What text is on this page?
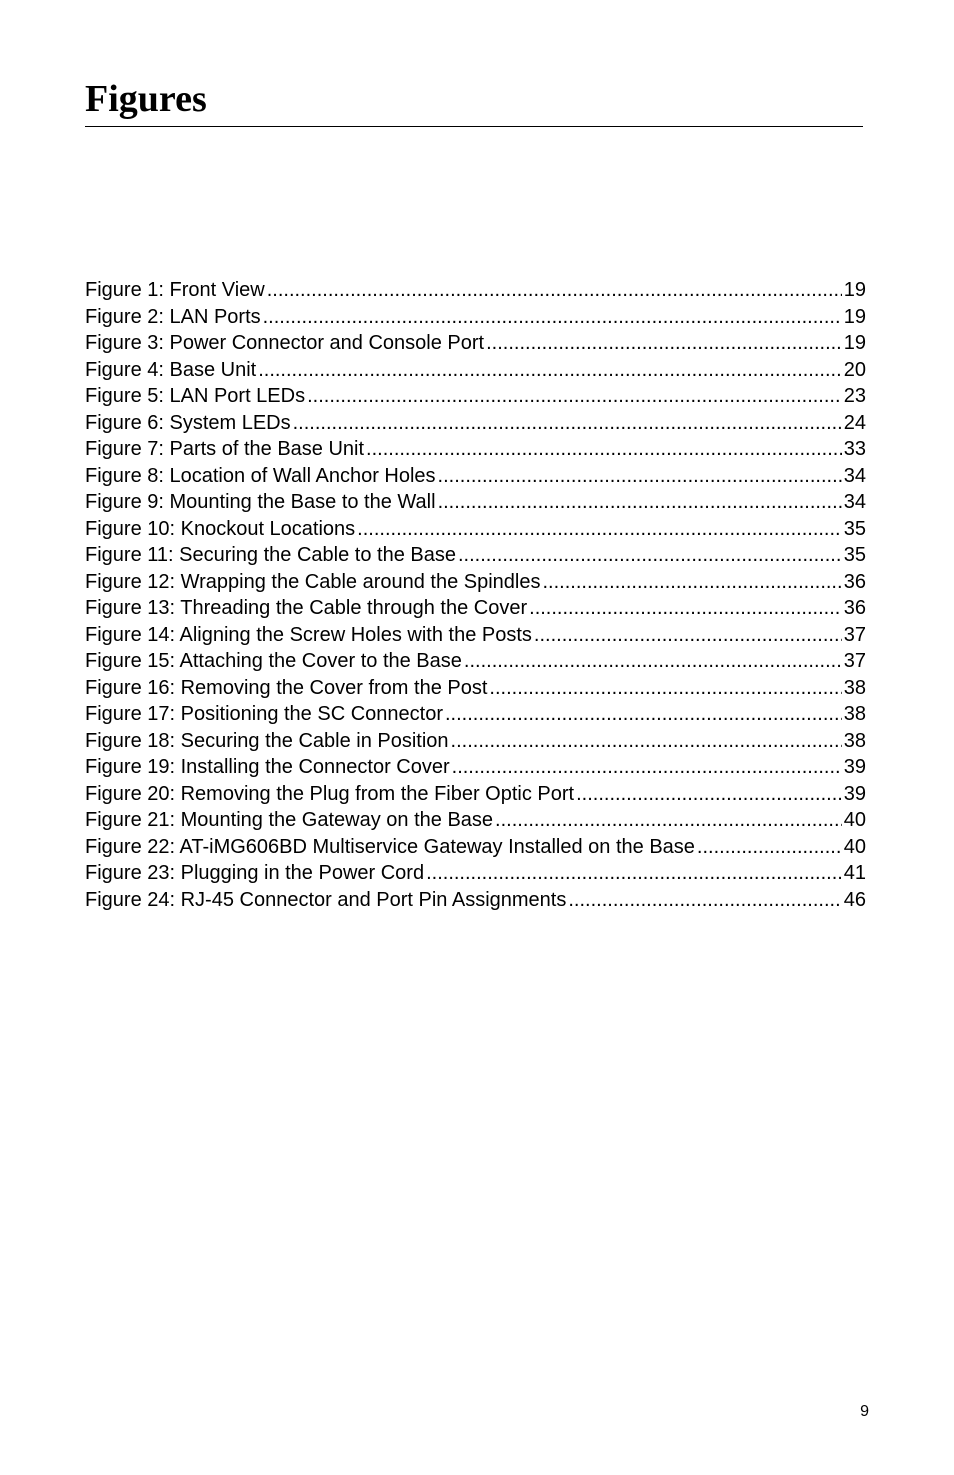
Figures
Figure 1: Front View .....	19
Figure 2: LAN Ports .....	19
Figure 3: Power Connector and Console Port .....	19
Figure 4: Base Unit .....	20
Figure 5: LAN Port LEDs .....	23
Figure 6: System LEDs .....	24
Figure 7: Parts of the Base Unit .....	33
Figure 8: Location of Wall Anchor Holes .....	34
Figure 9: Mounting the Base to the Wall .....	34
Figure 10: Knockout Locations .....	35
Figure 11: Securing the Cable to the Base .....	35
Figure 12: Wrapping the Cable around the Spindles .....	36
Figure 13: Threading the Cable through the Cover .....	36
Figure 14: Aligning the Screw Holes with the Posts .....	37
Figure 15: Attaching the Cover to the Base .....	37
Figure 16: Removing the Cover from the Post .....	38
Figure 17: Positioning the SC Connector .....	38
Figure 18: Securing the Cable in Position .....	38
Figure 19: Installing the Connector Cover .....	39
Figure 20: Removing the Plug from the Fiber Optic Port .....	39
Figure 21: Mounting the Gateway on the Base .....	40
Figure 22: AT-iMG606BD Multiservice Gateway Installed on the Base .....	40
Figure 23: Plugging in the Power Cord .....	41
Figure 24: RJ-45 Connector and Port Pin Assignments .....	46
9
